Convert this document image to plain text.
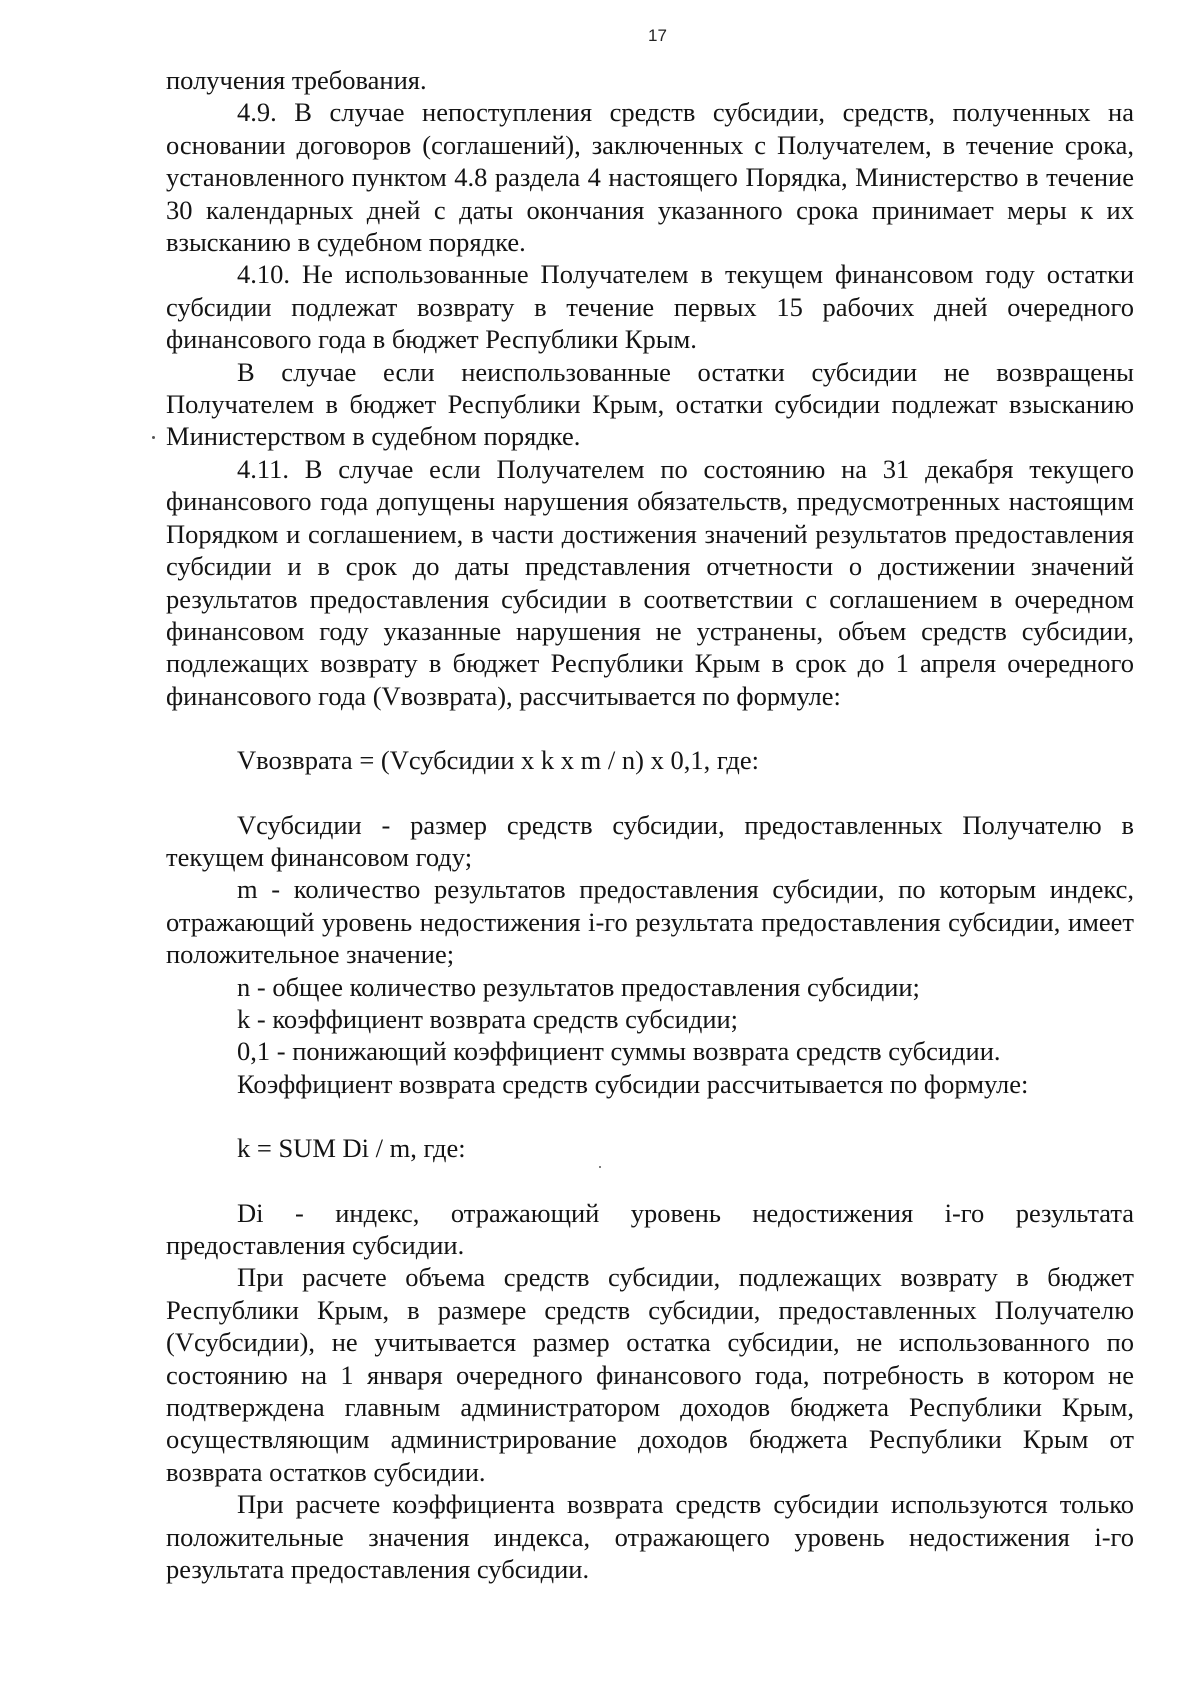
17

получения требования.

4.9. В случае непоступления средств субсидии, средств, полученных на основании договоров (соглашений), заключенных с Получателем, в течение срока, установленного пунктом 4.8 раздела 4 настоящего Порядка, Министерство в течение 30 календарных дней с даты окончания указанного срока принимает меры к их взысканию в судебном порядке.

4.10. Не использованные Получателем в текущем финансовом году остатки субсидии подлежат возврату в течение первых 15 рабочих дней очередного финансового года в бюджет Республики Крым.

В случае если неиспользованные остатки субсидии не возвращены Получателем в бюджет Республики Крым, остатки субсидии подлежат взысканию Министерством в судебном порядке.

4.11. В случае если Получателем по состоянию на 31 декабря текущего финансового года допущены нарушения обязательств, предусмотренных настоящим Порядком и соглашением, в части достижения значений результатов предоставления субсидии и в срок до даты представления отчетности о достижении значений результатов предоставления субсидии в соответствии с соглашением в очередном финансовом году указанные нарушения не устранены, объем средств субсидии, подлежащих возврату в бюджет Республики Крым в срок до 1 апреля очередного финансового года (Vвозврата), рассчитывается по формуле:

Vвозврата = (Vсубсидии x k x m / n) x 0,1, где:

Vсубсидии - размер средств субсидии, предоставленных Получателю в текущем финансовом году;

m - количество результатов предоставления субсидии, по которым индекс, отражающий уровень недостижения i-го результата предоставления субсидии, имеет положительное значение;

n - общее количество результатов предоставления субсидии;

k - коэффициент возврата средств субсидии;

0,1 - понижающий коэффициент суммы возврата средств субсидии.

Коэффициент возврата средств субсидии рассчитывается по формуле:

k = SUM Di / m, где:

Di - индекс, отражающий уровень недостижения i-го результата предоставления субсидии.

При расчете объема средств субсидии, подлежащих возврату в бюджет Республики Крым, в размере средств субсидии, предоставленных Получателю (Vсубсидии), не учитывается размер остатка субсидии, не использованного по состоянию на 1 января очередного финансового года, потребность в котором не подтверждена главным администратором доходов бюджета Республики Крым, осуществляющим администрирование доходов бюджета Республики Крым от возврата остатков субсидии.

При расчете коэффициента возврата средств субсидии используются только положительные значения индекса, отражающего уровень недостижения i-го результата предоставления субсидии.
